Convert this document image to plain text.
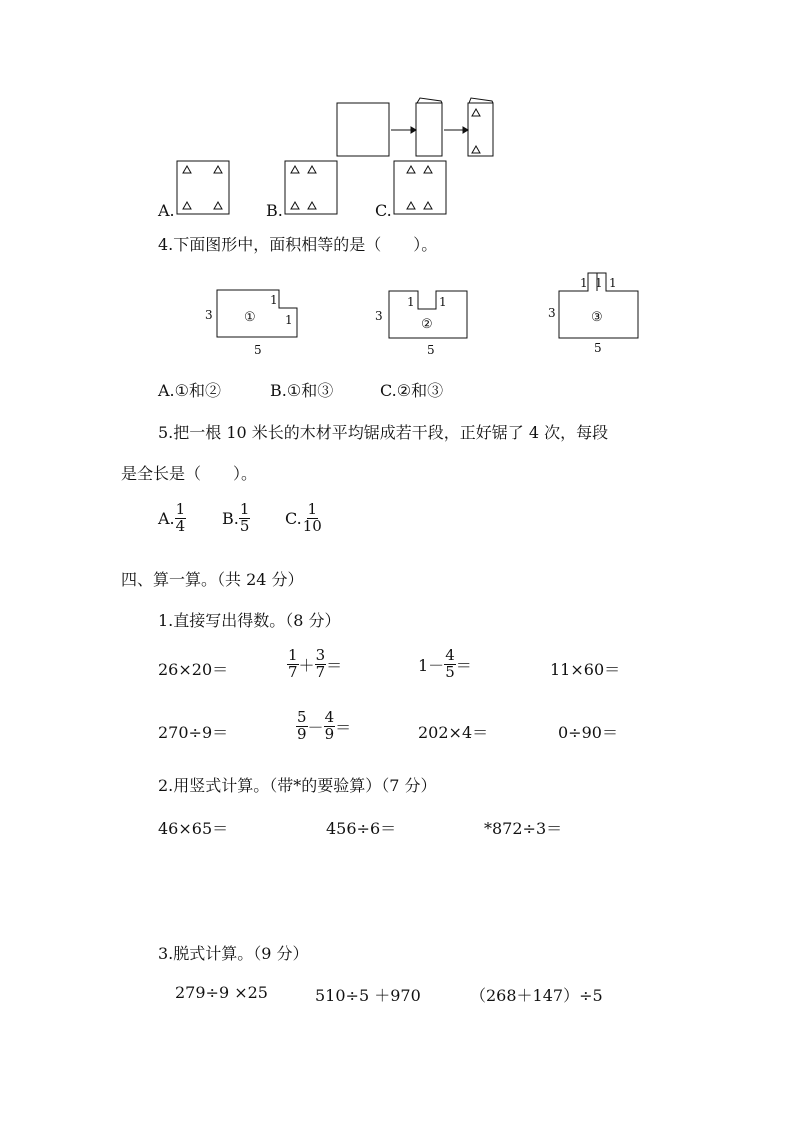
A.	B.	C.
4.下面图形中，面积相等的是（　　）。
3
1
1
①
5
3
1 1
②
5
3
1 1 1
③
5
A.①和②	B.①和③	C.②和③
5.把一根 10 米长的木材平均锯成若干段，正好锯了 4 次，每段
是全长是（　　）。
A. $\frac{1}{4} B$. $\frac{1}{5} C$. $\frac{1}{10}$
四、算一算。（共 24 分）
1.直接写出得数。（8 分）
26×20＝	$\frac{1}{7} + \frac{3}{7}$ ＝	$1- \frac{4}{5}$ ＝	11×60＝
270÷9＝	$\frac{5}{9} - \frac{4}{9}$ ＝	202×4＝	0÷90＝
2.用竖式计算。（带*的要验算）（7 分）
46×65＝	456÷6＝	*872÷3＝
3.脱式计算。（9 分）
279÷9 ×25	510÷5 ＋970	（268＋147）÷5
